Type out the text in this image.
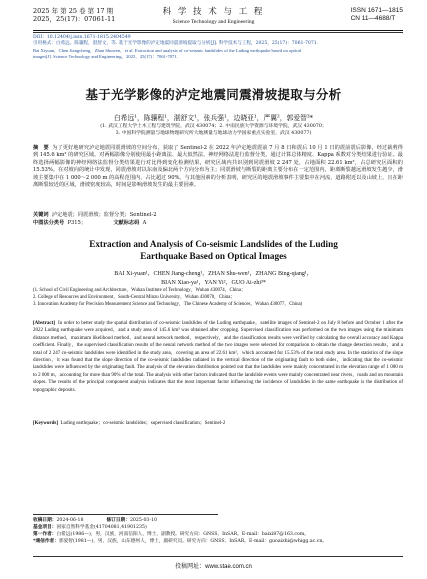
2025 年 第 25 卷 第 17 期
2025，25(17)：07061-11
科 学 技 术 与 工 程
Science Technology and Engineering
ISSN 1671—1815
CN 11—4688/T
DOI：10.12404/j.issn.1671-1815.2404549
引用格式：白希远，陈骧程，湛舒文，等. 基于光学影像的泸定地震同震滑坡提取与分析[J]. 科学技术与工程，2025，25(17)：7061-7071.
Bai Xiyuan，Chen Jiangcheng，Zhan Shuwen，et al. Extraction and analysis of co-seismic landslides of the Luding earthquake based on optical
images[J]. Science Technology and Engineering，2025，25(17)：7061-7071.
基于光学影像的泸定地震同震滑坡提取与分析
白希远¹，陈骧程¹，湛舒文¹，张兵强¹，边晓亚¹，严翼²，郭爱智³*
(1. 武汉工程大学土木工程与建筑学院，武汉 430074；2. 中南民族大学资源与环境学院，武汉 430070；
3. 中国科学院测量与地球物理研究所大地测量与地球动力学国家重点实验室，武汉 430077)
摘　要 为了更好地研究泸定地震同震滑坡的空间分布，获取了 Sentinel-2 在 2022 年泸定地震震前 7 月 8 日和震后 10 月 1 日的震前震后影像，经过裁剪得到 145.6 km² 的研究区域。对两幅影像分别使用最小距离法、最大似然法、神经网络法进行监督分类，通过计算总体精度、Kappa 系数对分类结果进行验证。最终选择两幅影像的神经网络法监督分类结果进行对比得到变化检测结果，研究区域内共识别到同震滑坡 2 247 处，占地面积 22.61 km²，占总研究区面积的 15.53%。在对坡向的统计中发现，同震滑坡对以东南及偏北两个方向分布为主；同震滑坡与断裂的距离主要分布在一定范围内，距离断裂越远滑坡发生越少，滑坡主要集中在 1 000～2 000 m 的高程范围内，占比超过 90%。与其他因素的分析表明，研究区的地震滑坡事件主要集中在河流、道路附近以及山坡上，且在距离断裂较近的区域，滑坡密度较高，时间是影响滑坡发生的最主要因素。
关键词 泸定地震；同震滑坡；监督分类；Sentinel-2
中图法分类号 P315；	文献标志码 A
Extraction and Analysis of Co-seismic Landslides of the Luding
Earthquake Based on Optical Images
BAI Xi-yuan¹，CHEN Jiang-cheng¹，ZHAN Shu-wen¹，ZHANG Bing-qiang¹，
BIAN Xiao-ya¹，YAN Yi²，GUO Ai-zhi³*
(1. School of Civil Engineering and Architecture，Wuhan Institute of Technology，Wuhan 430074，China；
2. College of Resources and Environment，South-Central Minzu University，Wuhan 430070，China；
3. Innovation Academy for Precision Measurement Science and Technology，The Chinese Academy of Sciences，Wuhan 430077，China)
[Abstract] In order to better study the spatial distribution of co-seismic landslides of the Luding earthquake，satellite images of Sentinel-2 on July 8 before and October 1 after the 2022 Luding earthquake were acquired，and a study area of 145.6 km² was obtained after cropping. Supervised classification was performed on the two images using the minimum distance method，maximum likelihood method，and neural network method，respectively，and the classification results were verified by calculating the overall accuracy and Kappa coefficient. Finally，the supervised classification results of the neural network method of the two images were selected for comparison to obtain the change detection results，and a total of 2 247 co-seismic landslides were identified in the study area，covering an area of 22.61 km²，which accounted for 15.53% of the total study area. In the statistics of the slope direction，it was found that the slope direction of the co-seismic landslides radiated in the vertical direction of the originating fault to both sides，indicating that the co-seismic landslides were influenced by the originating fault. The analysis of the elevation distribution pointed out that the landslides were mainly concentrated in the elevation range of 1 000 m to 2 000 m，accounting for more than 90% of the total. The analysis with other factors indicated that the landslide events were mainly concentrated near rivers，roads and on mountain slopes. The results of the principal component analysis indicates that the most important factor influencing the incidence of landslides in the same earthquake is the distribution of topographic deposits.
[Keywords] Luding earthquake；co-seismic landslides；supervised classification；Sentinel-2
收稿日期：2024-06-18	修订日期：2025-03-10
基金项目：国家自然科学基金(41704081,41901235)
第一作者：白希远(1986—)，男，汉族，河南信阳人，博士，副教授。研究方向：GNSS、InSAR。E-mail：baixi87@163.com。
*通信作者：郭爱智(1981—)，男，汉族，山东德州人，博士，副研究员。研究方向：GNSS、InSAR。E-mail：guoaizhi@whigg.ac.cn。
投稿网址：www.stae.com.cn
